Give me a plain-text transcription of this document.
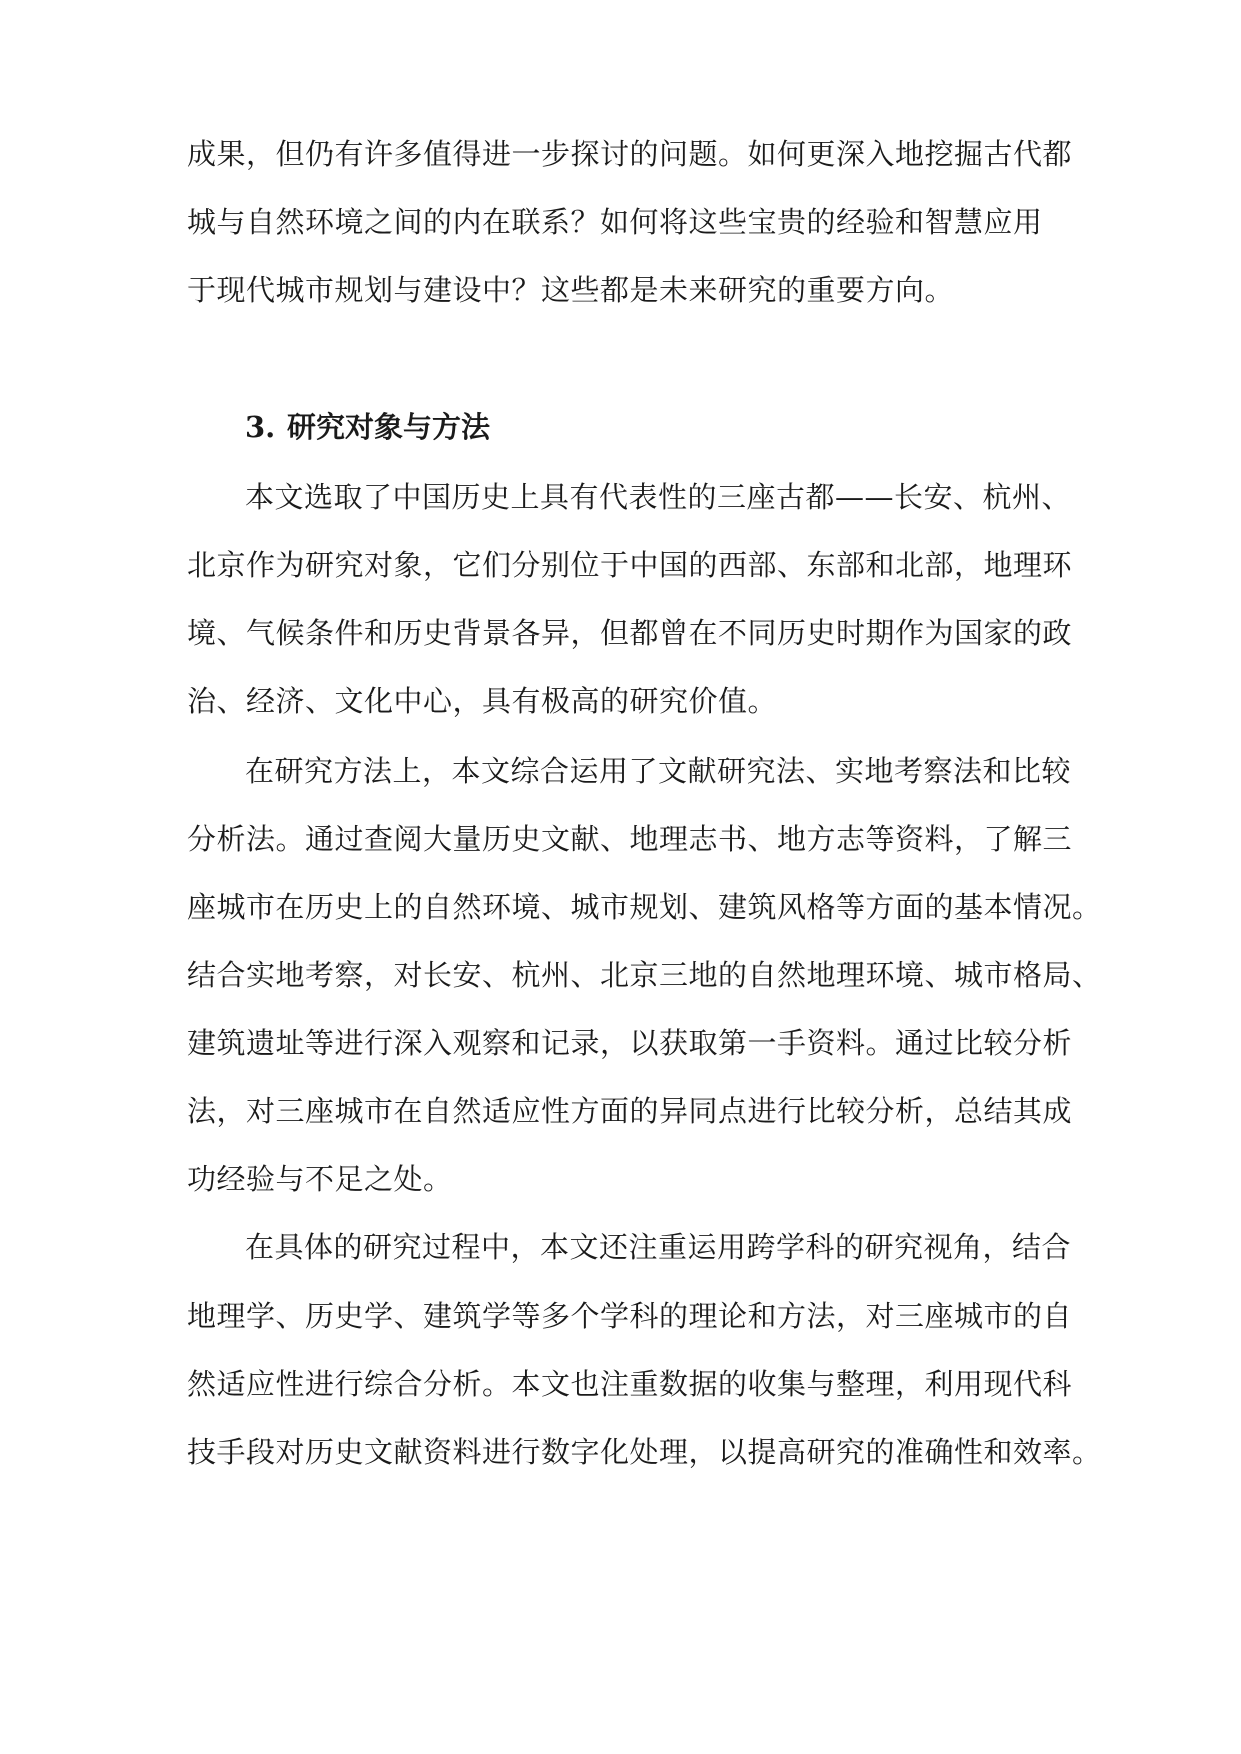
成果，但仍有许多值得进一步探讨的问题。如何更深入地挖掘古代都
城与自然环境之间的内在联系？如何将这些宝贵的经验和智慧应用
于现代城市规划与建设中？这些都是未来研究的重要方向。
3. 研究对象与方法
本文选取了中国历史上具有代表性的三座古都——长安、杭州、
北京作为研究对象，它们分别位于中国的西部、东部和北部，地理环
境、气候条件和历史背景各异，但都曾在不同历史时期作为国家的政
治、经济、文化中心，具有极高的研究价值。
在研究方法上，本文综合运用了文献研究法、实地考察法和比较
分析法。通过查阅大量历史文献、地理志书、地方志等资料，了解三
座城市在历史上的自然环境、城市规划、建筑风格等方面的基本情况。
结合实地考察，对长安、杭州、北京三地的自然地理环境、城市格局、
建筑遗址等进行深入观察和记录，以获取第一手资料。通过比较分析
法，对三座城市在自然适应性方面的异同点进行比较分析，总结其成
功经验与不足之处。
在具体的研究过程中，本文还注重运用跨学科的研究视角，结合
地理学、历史学、建筑学等多个学科的理论和方法，对三座城市的自
然适应性进行综合分析。本文也注重数据的收集与整理，利用现代科
技手段对历史文献资料进行数字化处理，以提高研究的准确性和效率。
